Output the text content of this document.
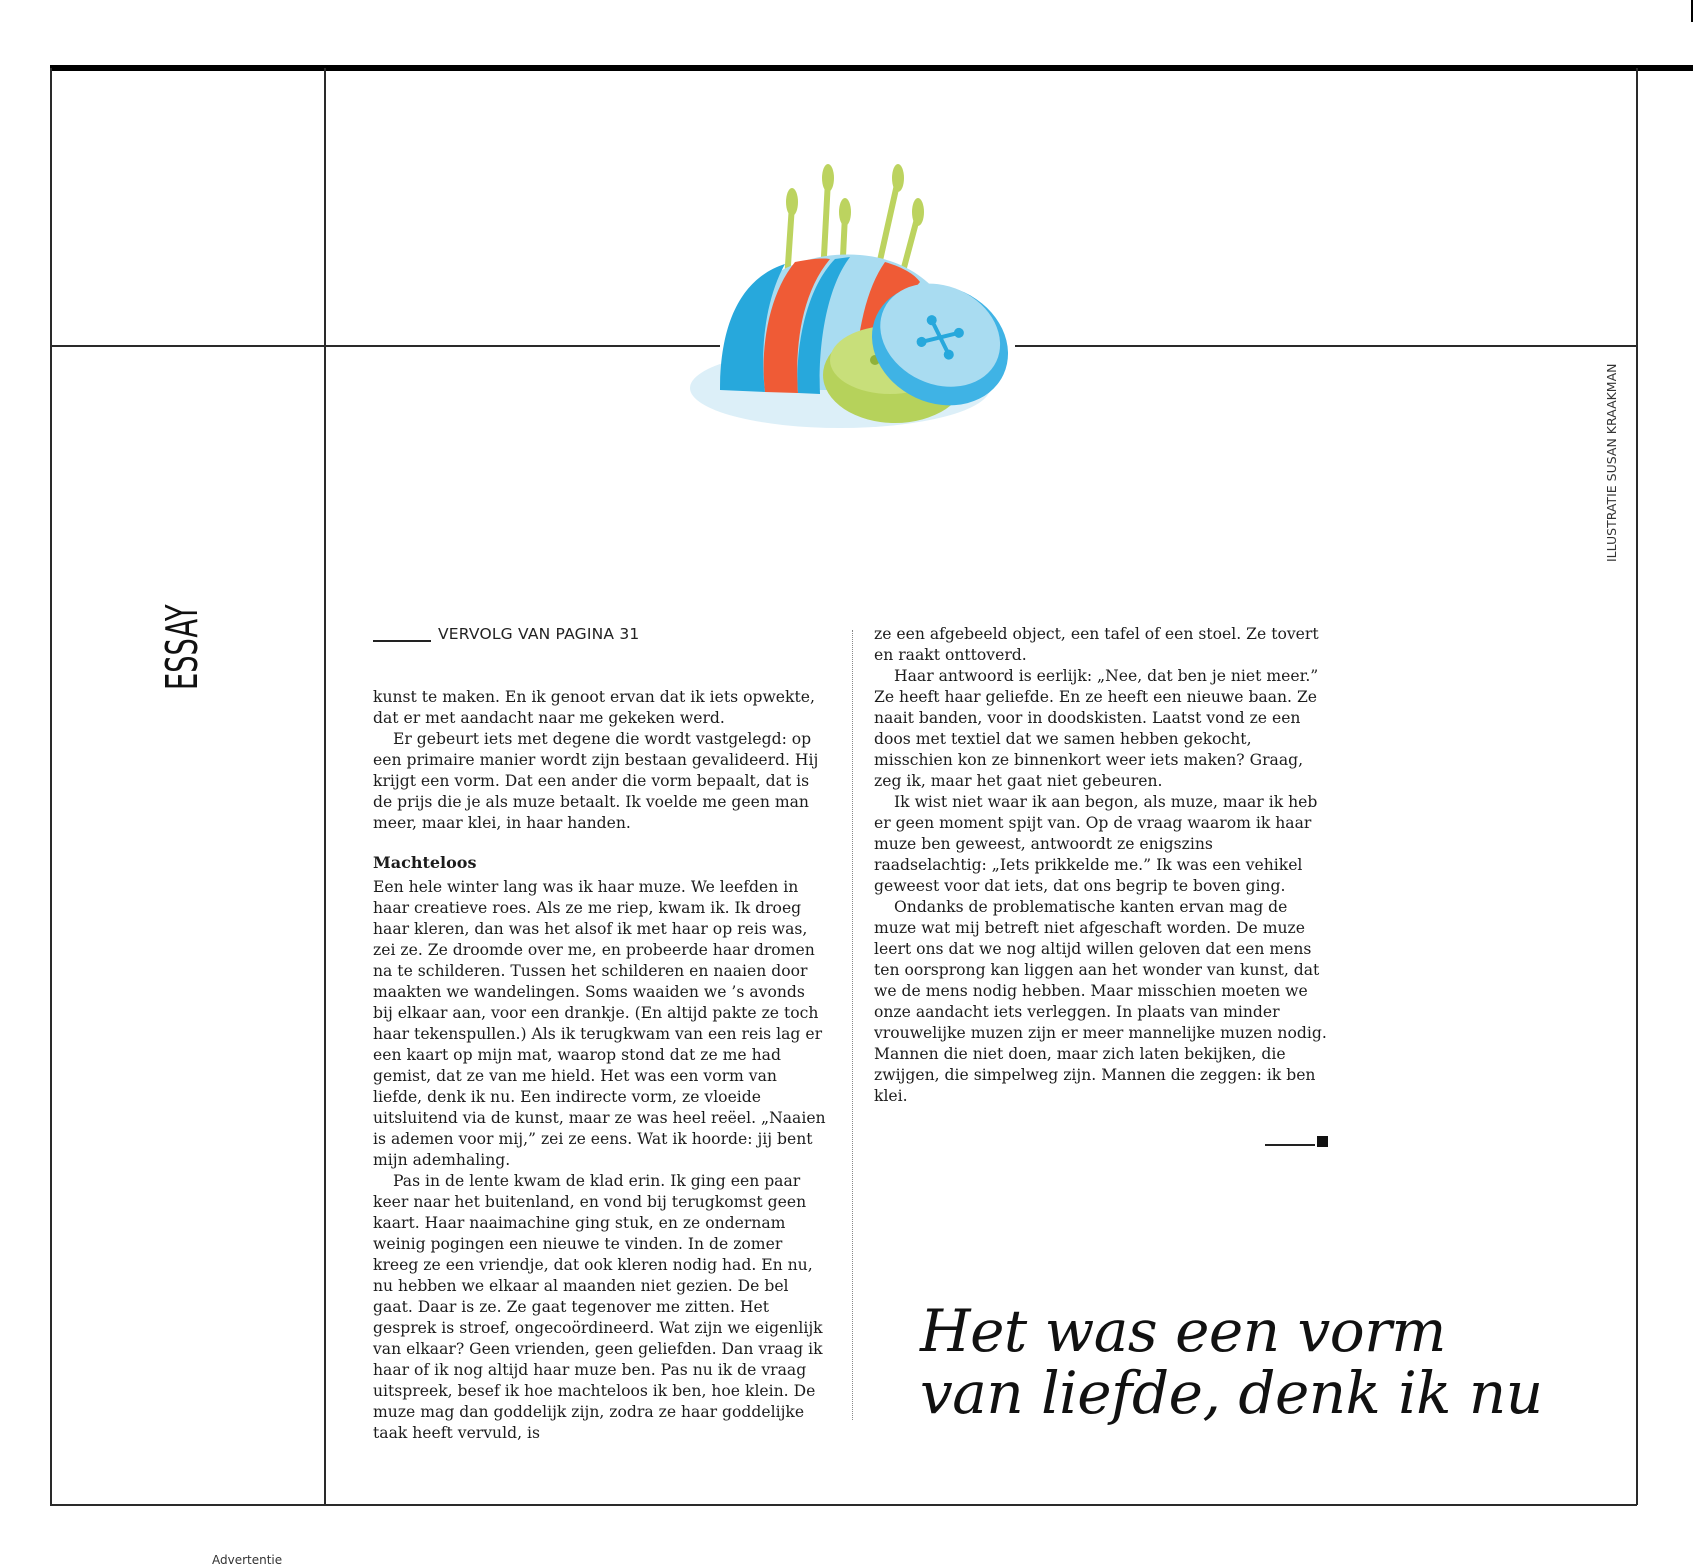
ESSAY
ILLUSTRATIE SUSAN KRAAKMAN
VERVOLG VAN PAGINA 31

kunst te maken. En ik genoot ervan dat ik iets opwekte, dat er met aandacht naar me gekeken werd.

Er gebeurt iets met degene die wordt vastgelegd: op een primaire manier wordt zijn bestaan gevalideerd. Hij krijgt een vorm. Dat een ander die vorm bepaalt, dat is de prijs die je als muze betaalt. Ik voelde me geen man meer, maar klei, in haar handen.

Machteloos

Een hele winter lang was ik haar muze. We leefden in haar creatieve roes. Als ze me riep, kwam ik. Ik droeg haar kleren, dan was het alsof ik met haar op reis was, zei ze. Ze droomde over me, en probeerde haar dromen na te schilderen. Tussen het schilderen en naaien door maakten we wandelingen. Soms waaiden we ’s avonds bij elkaar aan, voor een drankje. (En altijd pakte ze toch haar tekenspullen.) Als ik terugkwam van een reis lag er een kaart op mijn mat, waarop stond dat ze me had gemist, dat ze van me hield. Het was een vorm van liefde, denk ik nu. Een indirecte vorm, ze vloeide uitsluitend via de kunst, maar ze was heel reëel. „Naaien is ademen voor mij,” zei ze eens. Wat ik hoorde: jij bent mijn ademhaling.

Pas in de lente kwam de klad erin. Ik ging een paar keer naar het buitenland, en vond bij terugkomst geen kaart. Haar naaimachine ging stuk, en ze ondernam weinig pogingen een nieuwe te vinden. In de zomer kreeg ze een vriendje, dat ook kleren nodig had. En nu, nu hebben we elkaar al maanden niet gezien. De bel gaat. Daar is ze. Ze gaat tegenover me zitten. Het gesprek is stroef, ongecoördineerd. Wat zijn we eigenlijk van elkaar? Geen vrienden, geen geliefden. Dan vraag ik haar of ik nog altijd haar muze ben. Pas nu ik de vraag uitspreek, besef ik hoe machteloos ik ben, hoe klein. De muze mag dan goddelijk zijn, zodra ze haar goddelijke taak heeft vervuld, is

ze een afgebeeld object, een tafel of een stoel. Ze tovert en raakt onttoverd.

Haar antwoord is eerlijk: „Nee, dat ben je niet meer.” Ze heeft haar geliefde. En ze heeft een nieuwe baan. Ze naait banden, voor in doodskisten. Laatst vond ze een doos met textiel dat we samen hebben gekocht, misschien kon ze binnenkort weer iets maken? Graag, zeg ik, maar het gaat niet gebeuren.

Ik wist niet waar ik aan begon, als muze, maar ik heb er geen moment spijt van. Op de vraag waarom ik haar muze ben geweest, antwoordt ze enigszins raadselachtig: „Iets prikkelde me.” Ik was een vehikel geweest voor dat iets, dat ons begrip te boven ging.

Ondanks de problematische kanten ervan mag de muze wat mij betreft niet afgeschaft worden. De muze leert ons dat we nog altijd willen geloven dat een mens ten oorsprong kan liggen aan het wonder van kunst, dat we de mens nodig hebben. Maar misschien moeten we onze aandacht iets verleggen. In plaats van minder vrouwelijke muzen zijn er meer mannelijke muzen nodig. Mannen die niet doen, maar zich laten bekijken, die zwijgen, die simpelweg zijn. Mannen die zeggen: ik ben klei.

Het was een vorm
van liefde, denk ik nu
Advertentie
